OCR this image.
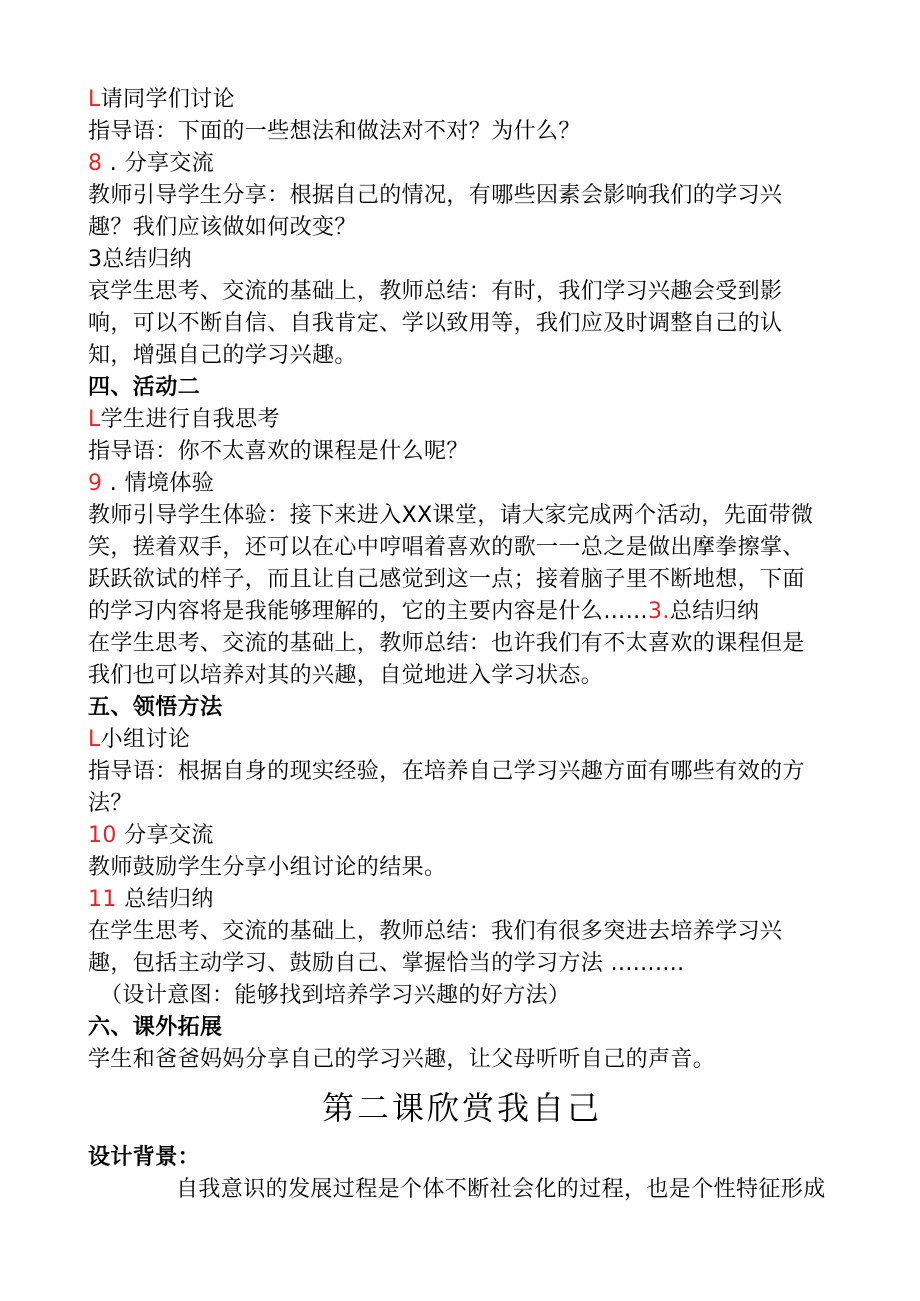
L请同学们讨论
指导语：下面的一些想法和做法对不对？为什么？
8 . 分享交流
教师引导学生分享：根据自己的情况，有哪些因素会影响我们的学习兴
趣？我们应该做如何改变？
3总结归纳
哀学生思考、交流的基础上，教师总结：有时，我们学习兴趣会受到影
响，可以不断自信、自我肯定、学以致用等，我们应及时调整自己的认
知，增强自己的学习兴趣。
四、活动二
L学生进行自我思考
指导语：你不太喜欢的课程是什么呢？
9 . 情境体验
教师引导学生体验：接下来进入XX课堂，请大家完成两个活动，先面带微
笑，搓着双手，还可以在心中哼唱着喜欢的歌一一总之是做出摩拳擦掌、
跃跃欲试的样子，而且让自己感觉到这一点；接着脑子里不断地想，下面
的学习内容将是我能够理解的，它的主要内容是什么……3.总结归纳
在学生思考、交流的基础上，教师总结：也许我们有不太喜欢的课程但是
我们也可以培养对其的兴趣，自觉地进入学习状态。
五、领悟方法
L小组讨论
指导语：根据自身的现实经验，在培养自己学习兴趣方面有哪些有效的方
法？
10 分享交流
教师鼓励学生分享小组讨论的结果。
11 总结归纳
在学生思考、交流的基础上，教师总结：我们有很多突进去培养学习兴
趣，包括主动学习、鼓励自己、掌握恰当的学习方法 ..........
（设计意图：能够找到培养学习兴趣的好方法）
六、课外拓展
学生和爸爸妈妈分享自己的学习兴趣，让父母听听自己的声音。
第二课欣赏我自己
设计背景：
自我意识的发展过程是个体不断社会化的过程，也是个性特征形成
